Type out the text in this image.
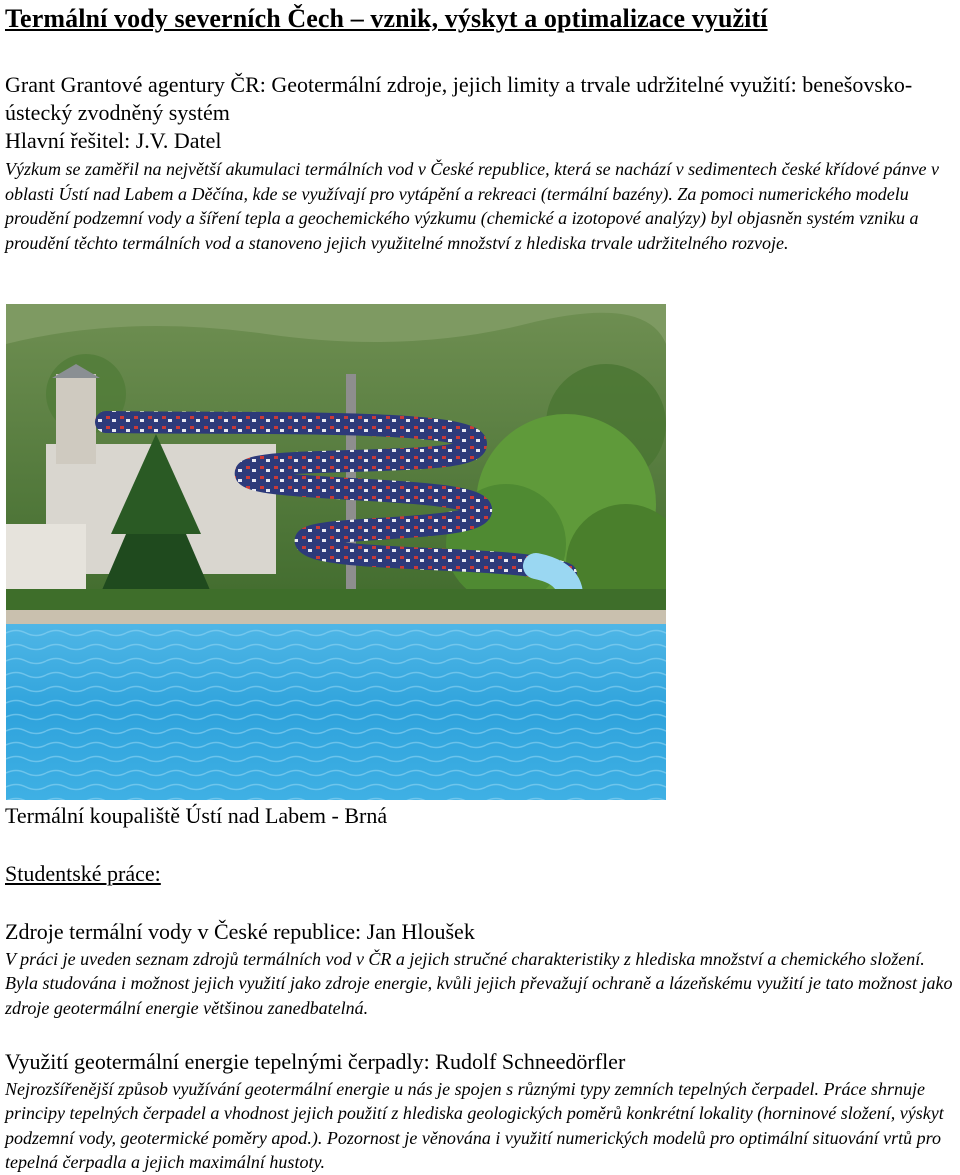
Termální vody severních Čech – vznik, výskyt a optimalizace využití

Grant Grantové agentury ČR: Geotermální zdroje, jejich limity a trvale udržitelné využití: benešovsko-ústecký zvodněný systém

Hlavní řešitel: J.V. Datel

Výzkum se zaměřil na největší akumulaci termálních vod v České republice, která se nachází v sedimentech české křídové pánve v oblasti Ústí nad Labem a Děčína, kde se využívají pro vytápění a rekreaci (termální bazény). Za pomoci numerického modelu proudění podzemní vody a šíření tepla a geochemického výzkumu (chemické a izotopové analýzy) byl objasněn systém vzniku a proudění těchto termálních vod a stanoveno jejich využitelné množství z hlediska trvale udržitelného rozvoje.

Termální koupaliště Ústí nad Labem - Brná

Studentské práce:

Zdroje termální vody v České republice: Jan Hloušek

V práci je uveden seznam zdrojů termálních vod v ČR a jejich stručné charakteristiky z hlediska množství a chemického složení. Byla studována i možnost jejich využití jako zdroje energie, kvůli jejich převažují ochraně a lázeňskému využití je tato možnost jako zdroje geotermální energie většinou zanedbatelná.

Využití geotermální energie tepelnými čerpadly: Rudolf Schneedörfler

Nejrozšířenější způsob využívání geotermální energie u nás je spojen s různými typy zemních tepelných čerpadel. Práce shrnuje principy tepelných čerpadel a vhodnost jejich použití z hlediska geologických poměrů konkrétní lokality (horninové složení, výskyt podzemní vody, geotermické poměry apod.). Pozornost je věnována i využití numerických modelů pro optimální situování vrtů pro tepelná čerpadla a jejich maximální hustoty.
